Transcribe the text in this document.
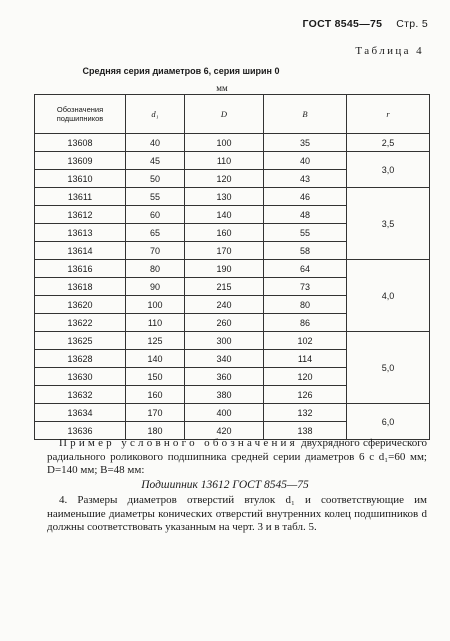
ГОСТ 8545—75 Стр. 5
Таблица 4
Средняя серия диаметров 6, серия ширин 0
мм
Обозначения подшипников	d₁	D	B	r
13608	40	100	35	2,5
13609	45	110	40	3,0
13610	50	120	43	
13611	55	130	46	3,5
13612	60	140	48	
13613	65	160	55	
13614	70	170	58	
13616	80	190	64	4,0
13618	90	215	73	
13620	100	240	80	
13622	110	260	86	
13625	125	300	102	5,0
13628	140	340	114	
13630	150	360	120	
13632	160	380	126	
13634	170	400	132	6,0
13636	180	420	138	
Пример условного обозначения двухрядного сферического радиального роликового подшипника средней серии диаметров 6 с d₁=60 мм; D=140 мм; B=48 мм:
Подшипник 13612 ГОСТ 8545—75
4. Размеры диаметров отверстий втулок d₁ и соответствующие им наименьшие диаметры конических отверстий внутренних колец подшипников d должны соответствовать указанным на черт. 3 и в табл. 5.
